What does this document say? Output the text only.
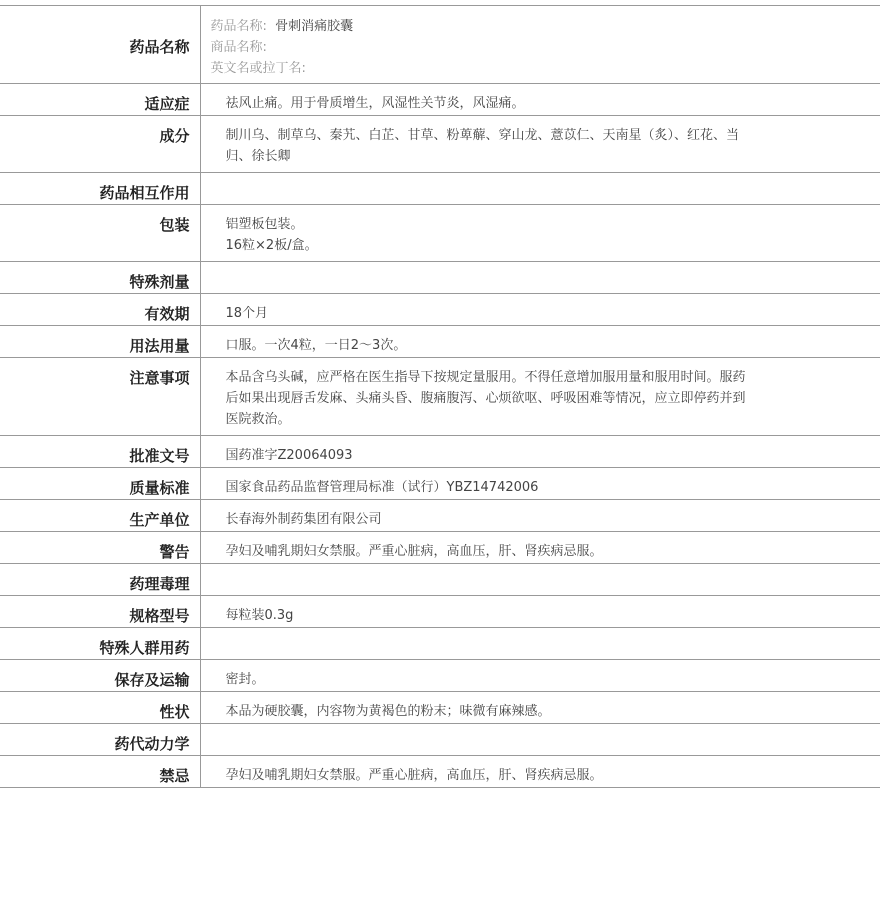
药品名称	药品名称: 骨刺消痛胶囊
商品名称:
英文名或拉丁名:

适应症	祛风止痛。用于骨质增生，风湿性关节炎，风湿痛。

成分	制川乌、制草乌、秦艽、白芷、甘草、粉萆薢、穿山龙、薏苡仁、天南星（炙）、红花、当
归、徐长卿

药品相互作用	
包装	铝塑板包装。
16粒×2板/盒。

特殊剂量	
有效期	18个月

用法用量	口服。一次4粒，一日2～3次。

注意事项	本品含乌头碱，应严格在医生指导下按规定量服用。不得任意增加服用量和服用时间。服药
后如果出现唇舌发麻、头痛头昏、腹痛腹泻、心烦欲呕、呼吸困难等情况，应立即停药并到
医院救治。

批准文号	国药准字Z20064093

质量标准	国家食品药品监督管理局标准（试行）YBZ14742006

生产单位	长春海外制药集团有限公司

警告	孕妇及哺乳期妇女禁服。严重心脏病，高血压，肝、肾疾病忌服。

药理毒理	
规格型号	每粒装0.3g

特殊人群用药	
保存及运输	密封。

性状	本品为硬胶囊，内容物为黄褐色的粉末；味微有麻辣感。

药代动力学	
禁忌	孕妇及哺乳期妇女禁服。严重心脏病，高血压，肝、肾疾病忌服。
